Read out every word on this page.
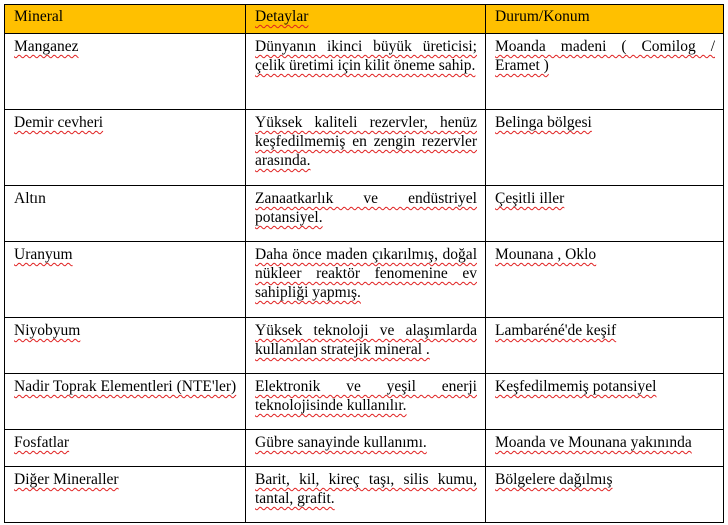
Mineral	Detaylar	Durum/Konum
Manganez	Dünyanın ikinci büyük üreticisi; çelik üretimi için kilit öneme sahip.	Moanda madeni ( Comilog / Eramet )
Demir cevheri	Yüksek kaliteli rezervler, henüz keşfedilmemiş en zengin rezervler arasında.	Belinga bölgesi
Altın	Zanaatkarlık ve endüstriyel potansiyel.	Çeşitli iller
Uranyum	Daha önce maden çıkarılmış, doğal nükleer reaktör fenomenine ev sahipliği yapmış.	Mounana , Oklo
Niyobyum	Yüksek teknoloji ve alaşımlarda kullanılan stratejik mineral .	Lambaréné'de keşif
Nadir Toprak Elementleri (NTE'ler)	Elektronik ve yeşil enerji teknolojisinde kullanılır.	Keşfedilmemiş potansiyel
Fosfatlar	Gübre sanayinde kullanımı.	Moanda ve Mounana yakınında
Diğer Mineraller	Barit, kil, kireç taşı, silis kumu, tantal, grafit.	Bölgelere dağılmış
